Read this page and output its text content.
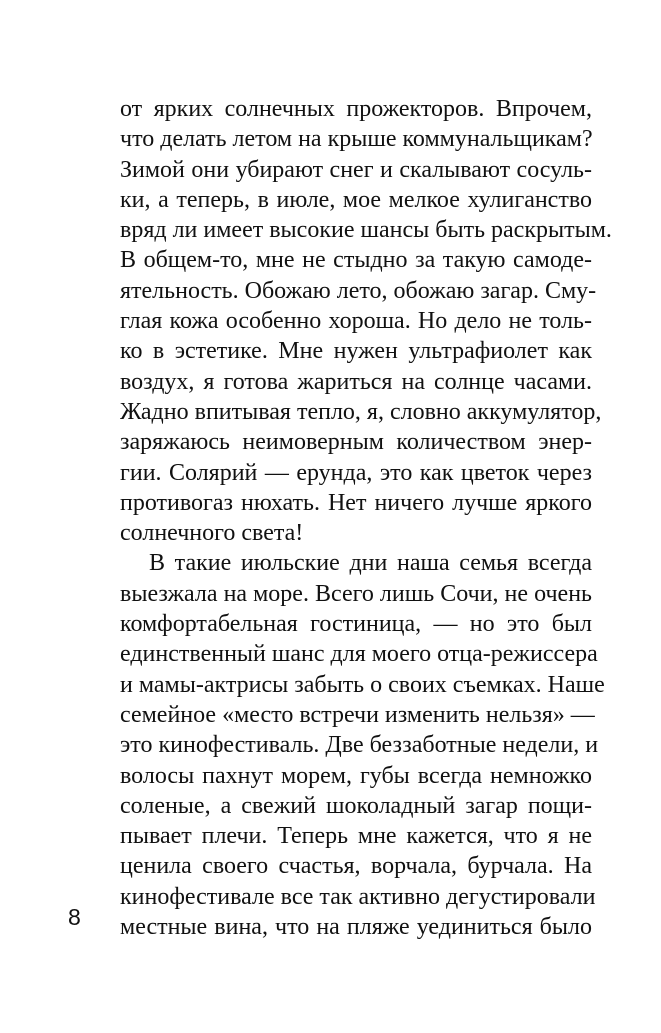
от ярких солнечных прожекторов. Впрочем,
что делать летом на крыше коммунальщикам?
Зимой они убирают снег и скалывают сосуль-
ки, а теперь, в июле, мое мелкое хулиганство
вряд ли имеет высокие шансы быть раскрытым.
В общем-то, мне не стыдно за такую самоде-
ятельность. Обожаю лето, обожаю загар. Сму-
глая кожа особенно хороша. Но дело не толь-
ко в эстетике. Мне нужен ультрафиолет как
воздух, я готова жариться на солнце часами.
Жадно впитывая тепло, я, словно аккумулятор,
заряжаюсь неимоверным количеством энер-
гии. Солярий — ерунда, это как цветок через
противогаз нюхать. Нет ничего лучше яркого
солнечного света!
В такие июльские дни наша семья всегда
выезжала на море. Всего лишь Сочи, не очень
комфортабельная гостиница, — но это был
единственный шанс для моего отца-режиссера
и мамы-актрисы забыть о своих съемках. Наше
семейное «место встречи изменить нельзя» —
это кинофестиваль. Две беззаботные недели, и
волосы пахнут морем, губы всегда немножко
соленые, а свежий шоколадный загар пощи-
пывает плечи. Теперь мне кажется, что я не
ценила своего счастья, ворчала, бурчала. На
кинофестивале все так активно дегустировали
местные вина, что на пляже уединиться было
8
